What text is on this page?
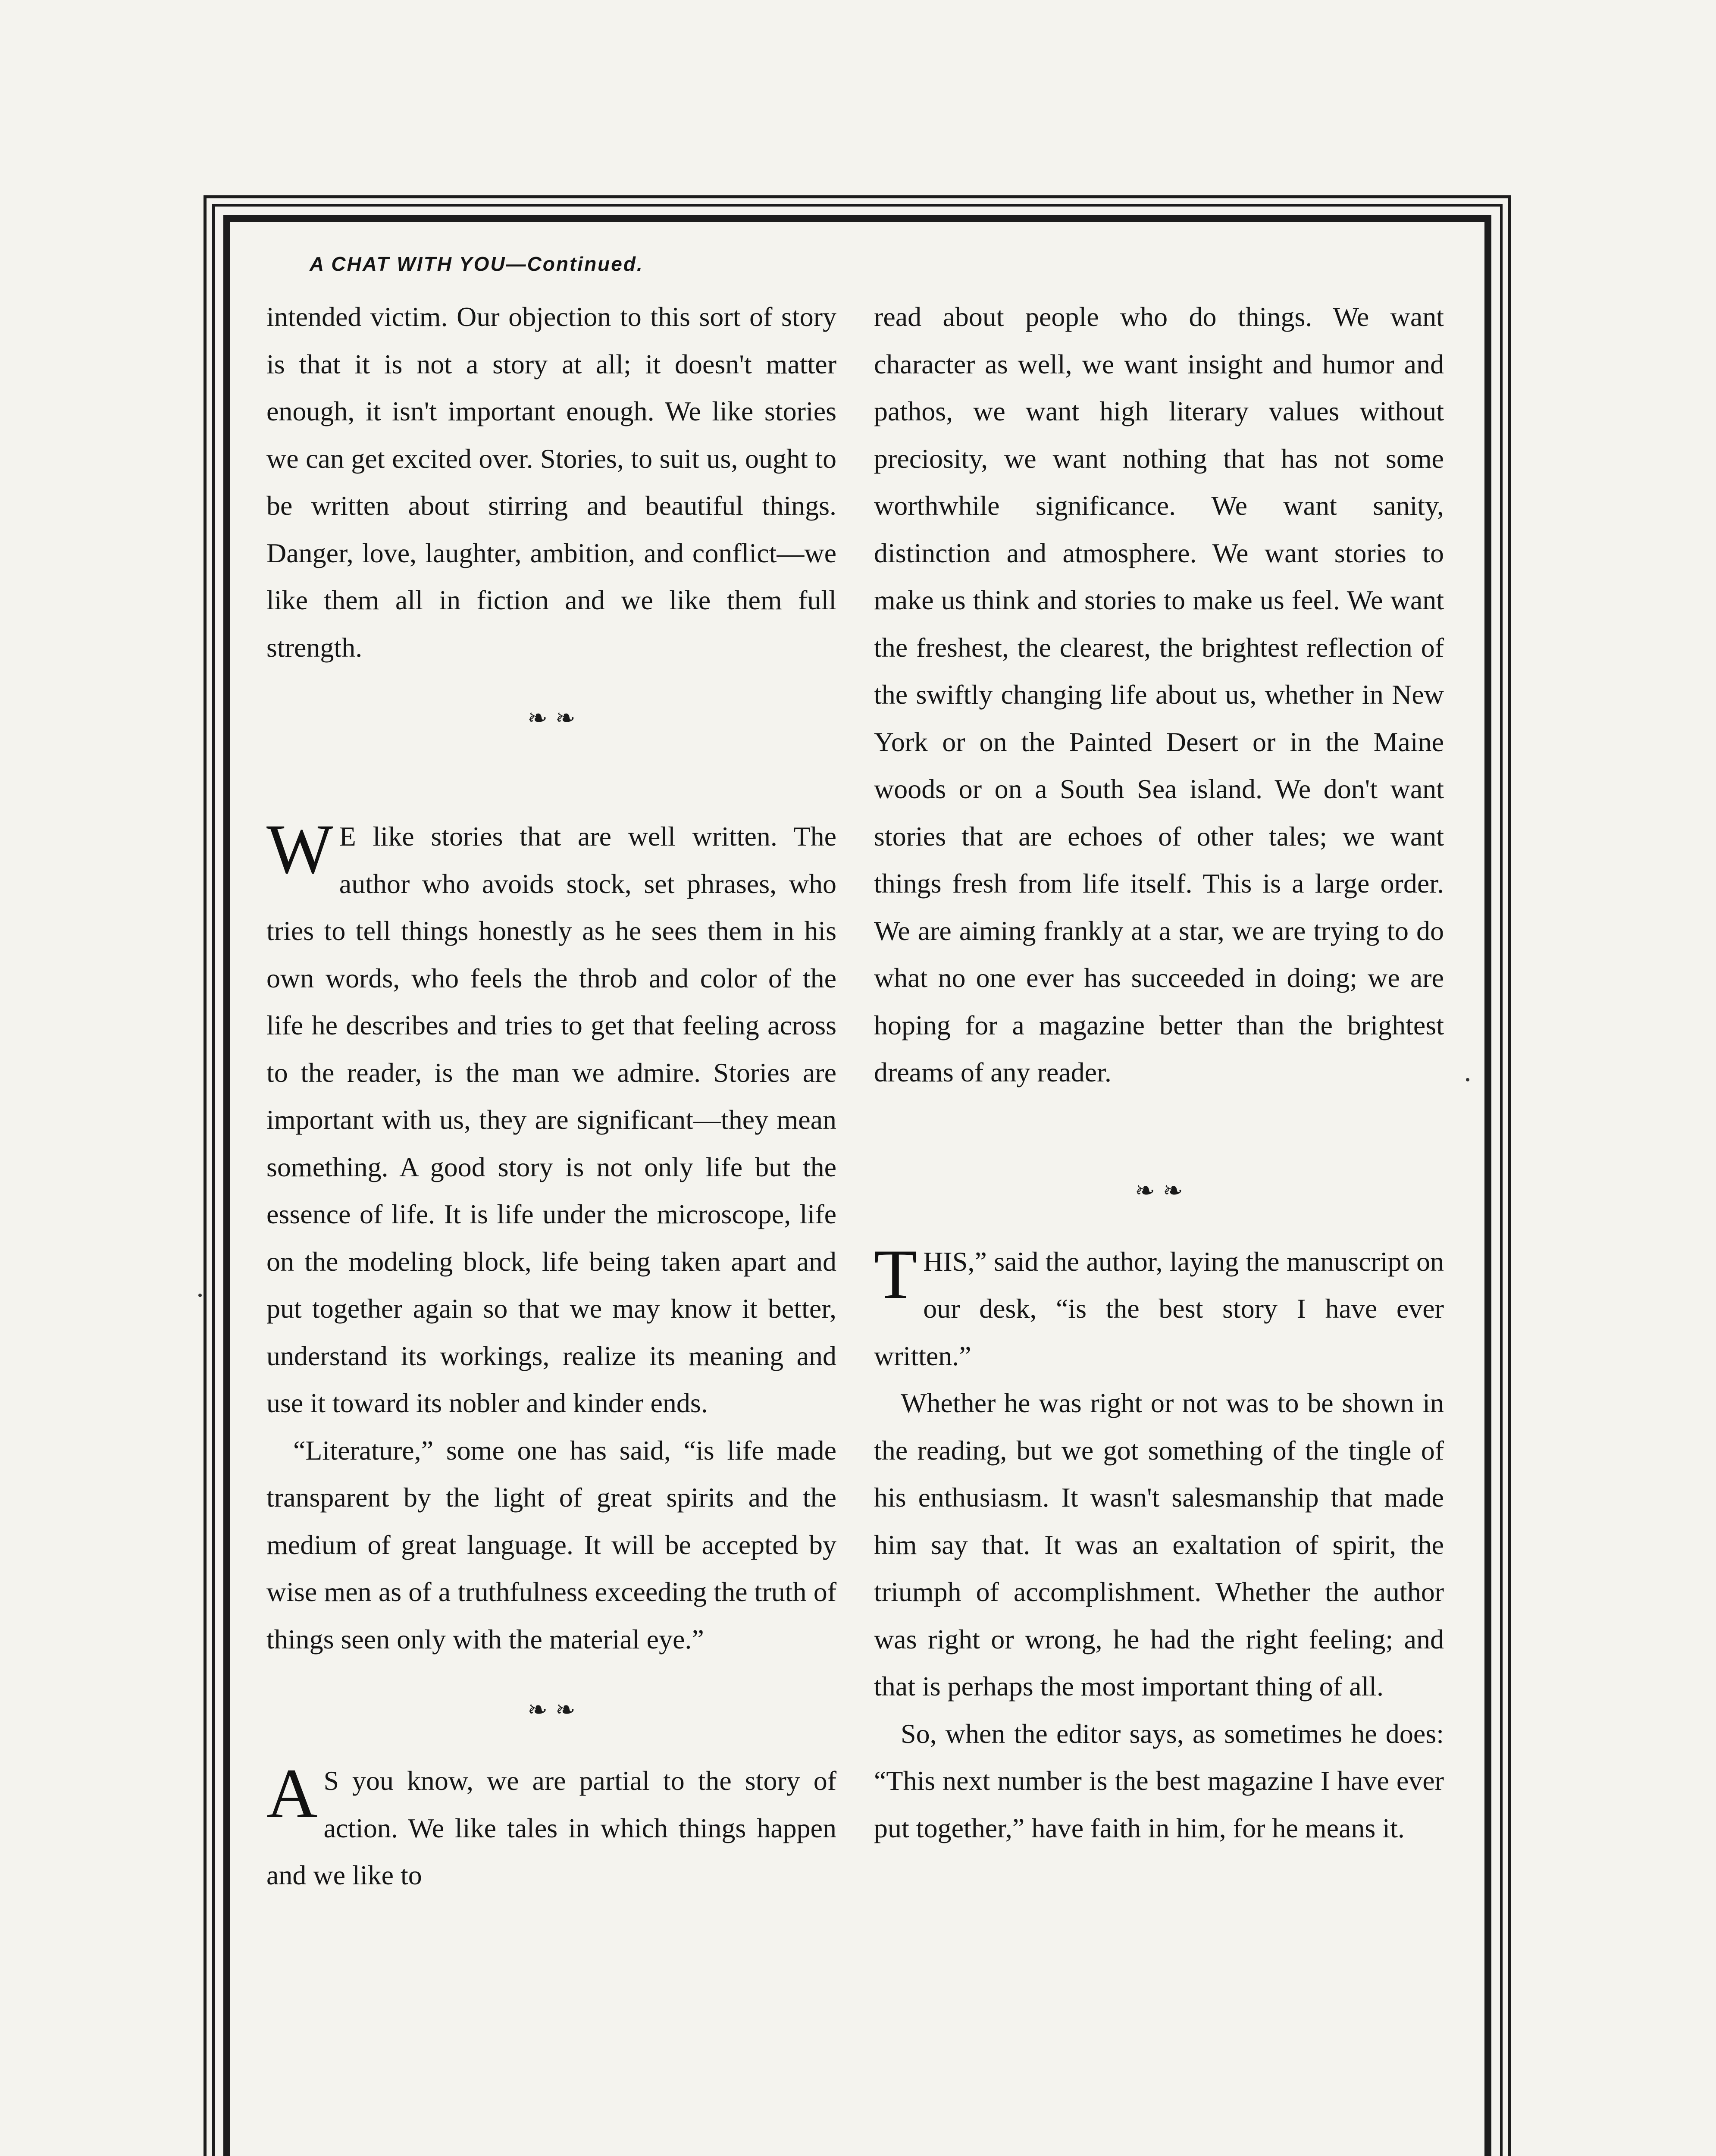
A CHAT WITH YOU—Continued.

intended victim. Our objection to this sort of story is that it is not a story at all; it doesn't matter enough, it isn't important enough. We like stories we can get excited over. Stories, to suit us, ought to be written about stirring and beautiful things. Danger, love, laughter, ambition, and conflict—we like them all in fiction and we like them full strength.

❧ ❧

W E like stories that are well written. The author who avoids stock, set phrases, who tries to tell things honestly as he sees them in his own words, who feels the throb and color of the life he describes and tries to get that feeling across to the reader, is the man we admire. Stories are important with us, they are significant—they mean something. A good story is not only life but the essence of life. It is life under the microscope, life on the modeling block, life being taken apart and put together again so that we may know it better, understand its workings, realize its meaning and use it toward its nobler and kinder ends.

“Literature,” some one has said, “is life made transparent by the light of great spirits and the medium of great language. It will be accepted by wise men as of a truthfulness exceeding the truth of things seen only with the material eye.”

❧ ❧

A S you know, we are partial to the story of action. We like tales in which things happen and we like to

read about people who do things. We want character as well, we want insight and humor and pathos, we want high literary values without preciosity, we want nothing that has not some worthwhile significance. We want sanity, distinction and atmosphere. We want stories to make us think and stories to make us feel. We want the freshest, the clearest, the brightest reflection of the swiftly changing life about us, whether in New York or on the Painted Desert or in the Maine woods or on a South Sea island. We don't want stories that are echoes of other tales; we want things fresh from life itself. This is a large order. We are aiming frankly at a star, we are trying to do what no one ever has succeeded in doing; we are hoping for a magazine better than the brightest dreams of any reader.

❧ ❧

THIS,” said the author, laying the manuscript on our desk, “is the best story I have ever written.”

Whether he was right or not was to be shown in the reading, but we got something of the tingle of his enthusiasm. It wasn't salesmanship that made him say that. It was an exaltation of spirit, the triumph of accomplishment. Whether the author was right or wrong, he had the right feeling; and that is perhaps the most important thing of all.

So, when the editor says, as sometimes he does: “This next number is the best magazine I have ever put together,” have faith in him, for he means it.
